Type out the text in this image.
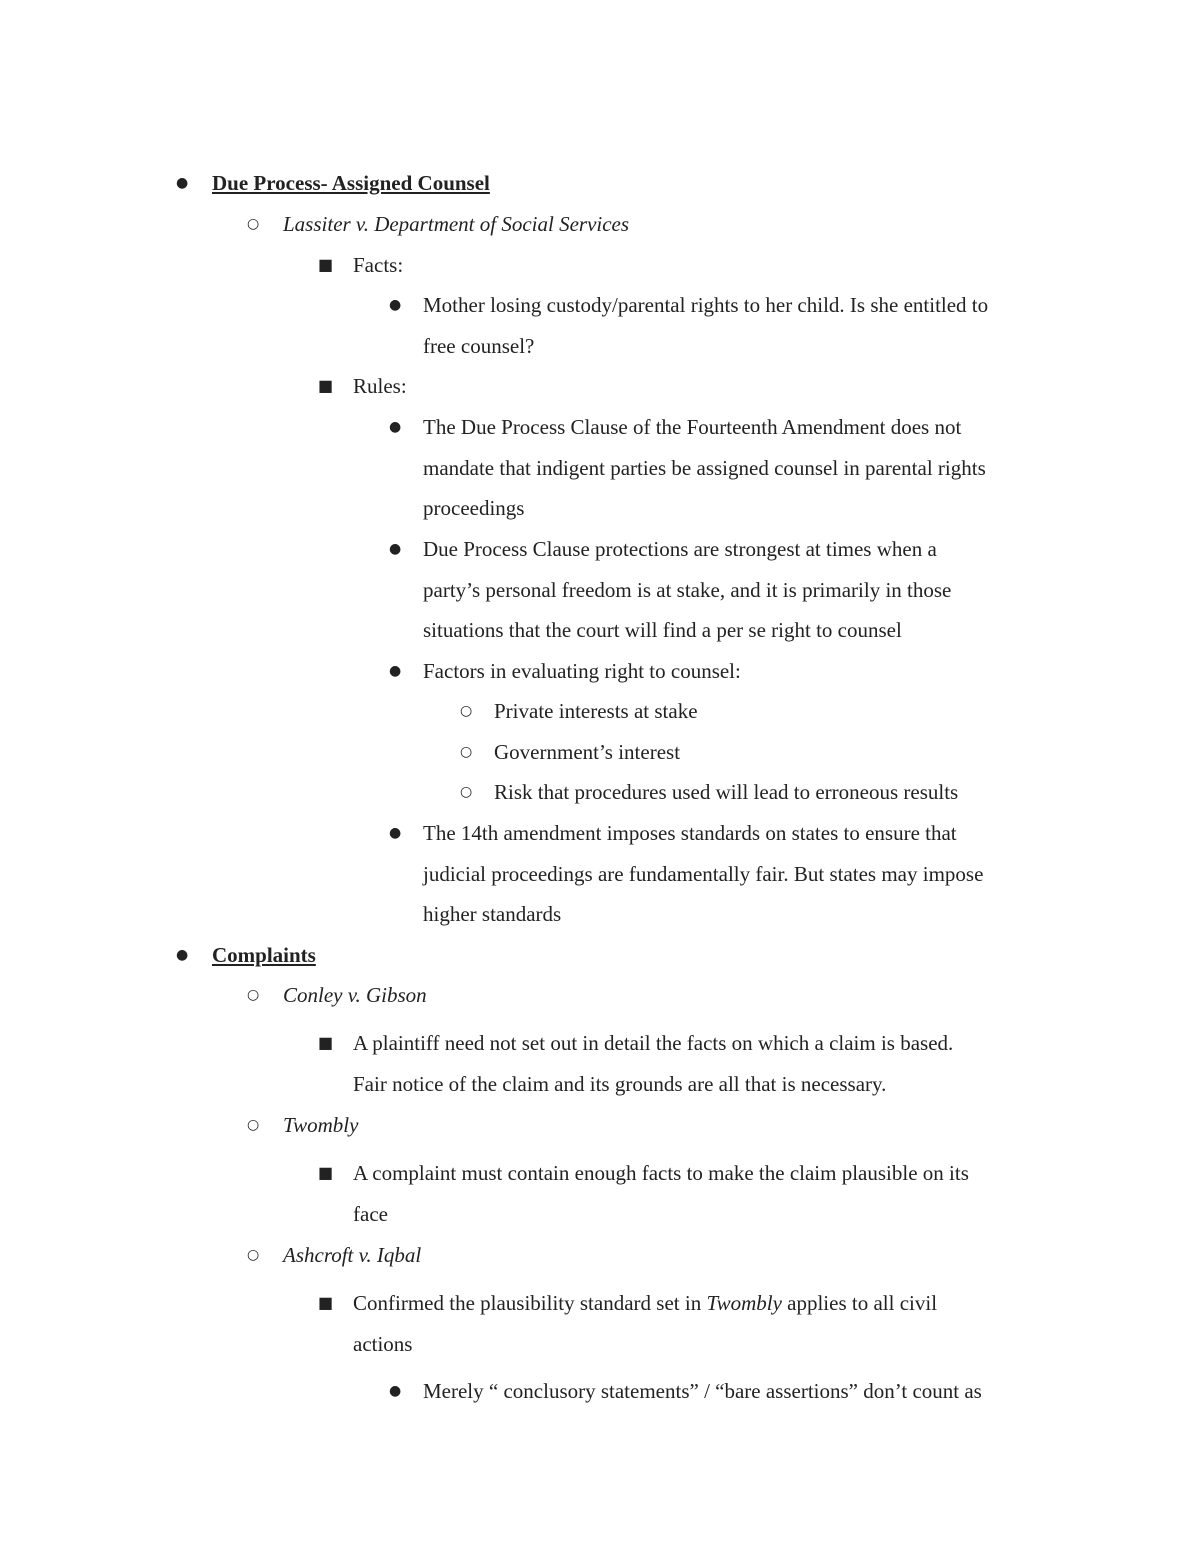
● Due Process- Assigned Counsel
○ Lassiter v. Department of Social Services
■ Facts:
● Mother losing custody/parental rights to her child. Is she entitled to
free counsel?
■ Rules:
● The Due Process Clause of the Fourteenth Amendment does not
mandate that indigent parties be assigned counsel in parental rights
proceedings
● Due Process Clause protections are strongest at times when a
party’s personal freedom is at stake, and it is primarily in those
situations that the court will find a per se right to counsel
● Factors in evaluating right to counsel:
○ Private interests at stake
○ Government’s interest
○ Risk that procedures used will lead to erroneous results
● The 14th amendment imposes standards on states to ensure that
judicial proceedings are fundamentally fair. But states may impose
higher standards
● Complaints
○ Conley v. Gibson
■ A plaintiff need not set out in detail the facts on which a claim is based.
Fair notice of the claim and its grounds are all that is necessary.
○ Twombly
■ A complaint must contain enough facts to make the claim plausible on its
face
○ Ashcroft v. Iqbal
■ Confirmed the plausibility standard set in Twombly applies to all civil
actions
● Merely “ conclusory statements” / “bare assertions” don’t count as
